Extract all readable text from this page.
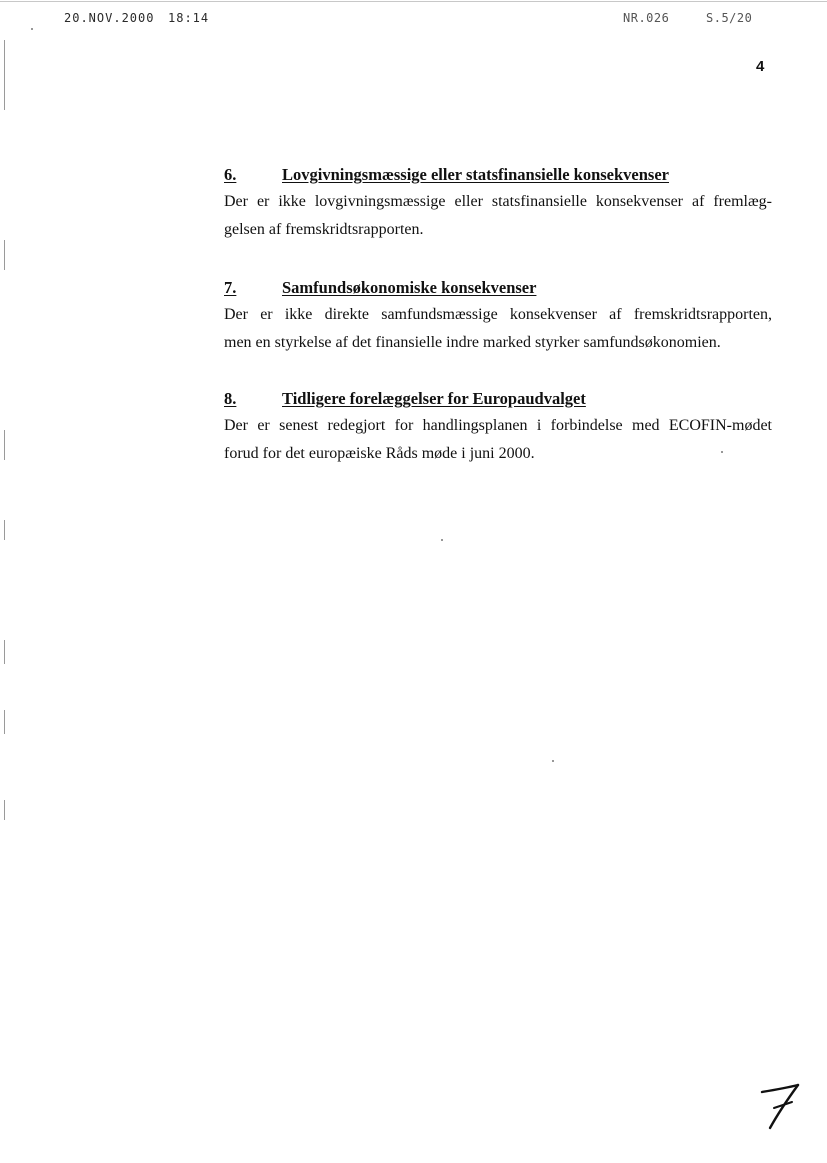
20.NOV.2000 18:14	NR.026	S.5/20
4
6.	Lovgivningsmæssige eller statsfinansielle konsekvenser

Der er ikke lovgivningsmæssige eller statsfinansielle konsekvenser af fremlæg-
gelsen af fremskridtsrapporten.

7.	Samfundsøkonomiske konsekvenser

Der er ikke direkte samfundsmæssige konsekvenser af fremskridtsrapporten,
men en styrkelse af det finansielle indre marked styrker samfundsøkonomien.

8.	Tidligere forelæggelser for Europaudvalget

Der er senest redegjort for handlingsplanen i forbindelse med ECOFIN-mødet
forud for det europæiske Råds møde i juni 2000.
